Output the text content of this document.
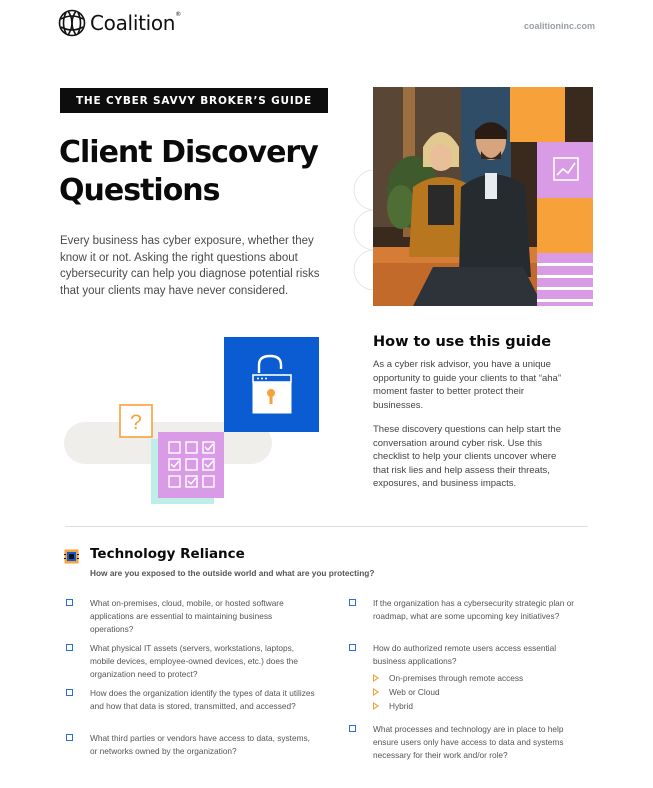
Coalition®
coalitioninc.com
THE CYBER SAVVY BROKER’S GUIDE
Client Discovery
Questions

Every business has cyber exposure, whether they know it or not. Asking the right questions about cybersecurity can help you diagnose potential risks that your clients may have never considered.

?
How to use this guide

As a cyber risk advisor, you have a unique opportunity to guide your clients to that “aha” moment faster to better protect their businesses.

These discovery questions can help start the conversation around cyber risk. Use this checklist to help your clients uncover where that risk lies and help assess their threats, exposures, and business impacts.

Technology Reliance
How are you exposed to the outside world and what are you protecting?
What on-premises, cloud, mobile, or hosted software applications are essential to maintaining business operations?
What physical IT assets (servers, workstations, laptops, mobile devices, employee-owned devices, etc.) does the organization need to protect?
How does the organization identify the types of data it utilizes and how that data is stored, transmitted, and accessed?
What third parties or vendors have access to data, systems, or networks owned by the organization?
If the organization has a cybersecurity strategic plan or roadmap, what are some upcoming key initiatives?
How do authorized remote users access essential business applications?
On-premises through remote access
Web or Cloud
Hybrid
What processes and technology are in place to help ensure users only have access to data and systems necessary for their work and/or role?
